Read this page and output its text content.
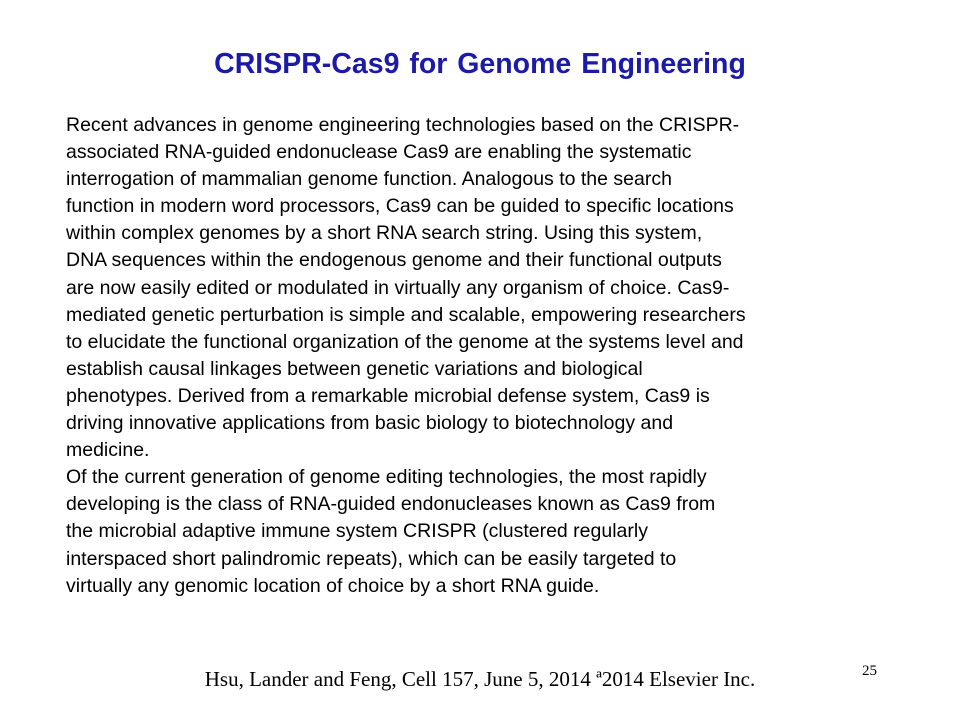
CRISPR-Cas9 for Genome Engineering
Recent advances in genome engineering technologies based on the CRISPR-
associated RNA-guided endonuclease Cas9 are enabling the systematic
interrogation of mammalian genome function. Analogous to the search
function in modern word processors, Cas9 can be guided to specific locations
within complex genomes by a short RNA search string. Using this system,
DNA sequences within the endogenous genome and their functional outputs
are now easily edited or modulated in virtually any organism of choice. Cas9-
mediated genetic perturbation is simple and scalable, empowering researchers
to elucidate the functional organization of the genome at the systems level and
establish causal linkages between genetic variations and biological
phenotypes. Derived from a remarkable microbial defense system, Cas9 is
driving innovative applications from basic biology to biotechnology and
medicine.
Of the current generation of genome editing technologies, the most rapidly
developing is the class of RNA-guided endonucleases known as Cas9 from
the microbial adaptive immune system CRISPR (clustered regularly
interspaced short palindromic repeats), which can be easily targeted to
virtually any genomic location of choice by a short RNA guide.
Hsu, Lander and Feng, Cell 157, June 5, 2014 ª2014 Elsevier Inc.	25
